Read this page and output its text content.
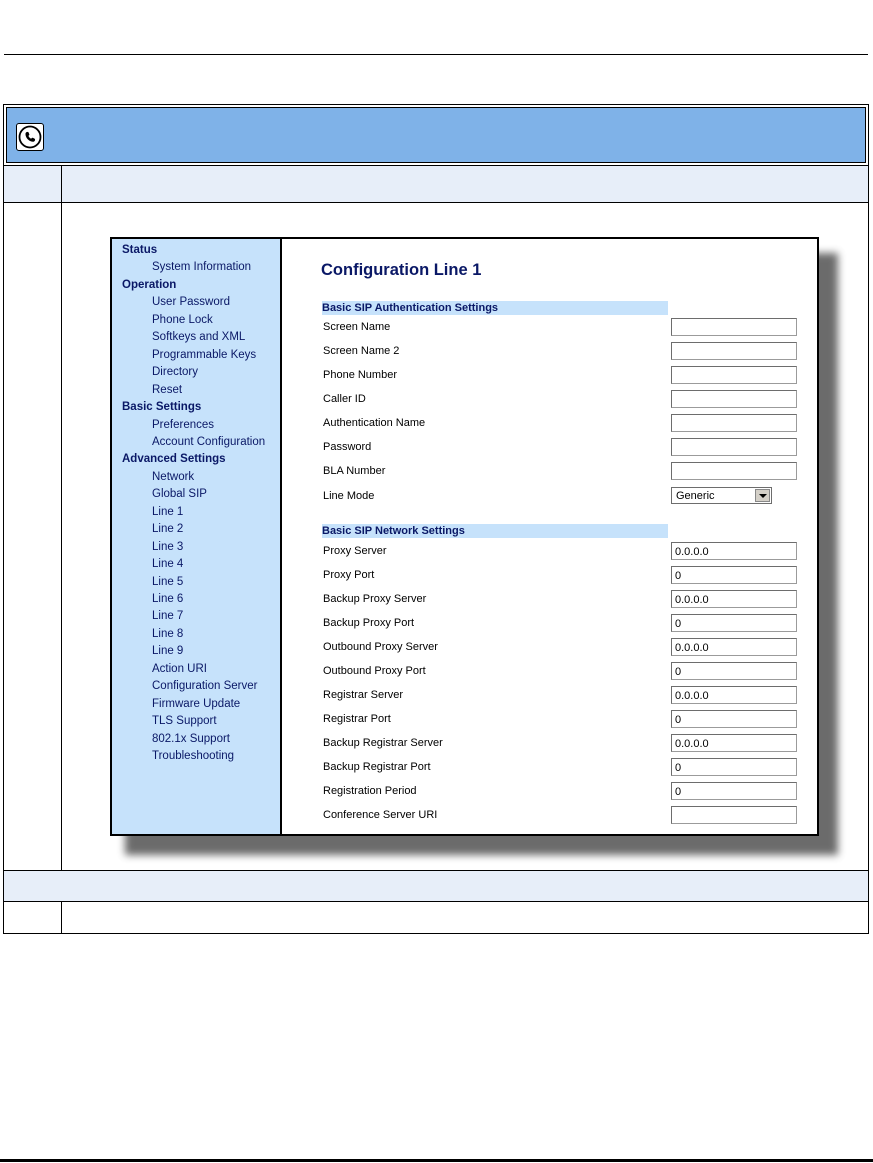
Status
System Information
Operation
User Password
Phone Lock
Softkeys and XML
Programmable Keys
Directory
Reset
Basic Settings
Preferences
Account Configuration
Advanced Settings
Network
Global SIP
Line 1
Line 2
Line 3
Line 4
Line 5
Line 6
Line 7
Line 8
Line 9
Action URI
Configuration Server
Firmware Update
TLS Support
802.1x Support
Troubleshooting
Configuration Line 1
Basic SIP Authentication Settings
Screen Name
Screen Name 2
Phone Number
Caller ID
Authentication Name
Password
BLA Number
Line Mode	Generic
Basic SIP Network Settings
Proxy Server	0.0.0.0
Proxy Port	0
Backup Proxy Server	0.0.0.0
Backup Proxy Port	0
Outbound Proxy Server	0.0.0.0
Outbound Proxy Port	0
Registrar Server	0.0.0.0
Registrar Port	0
Backup Registrar Server	0.0.0.0
Backup Registrar Port	0
Registration Period	0
Conference Server URI
